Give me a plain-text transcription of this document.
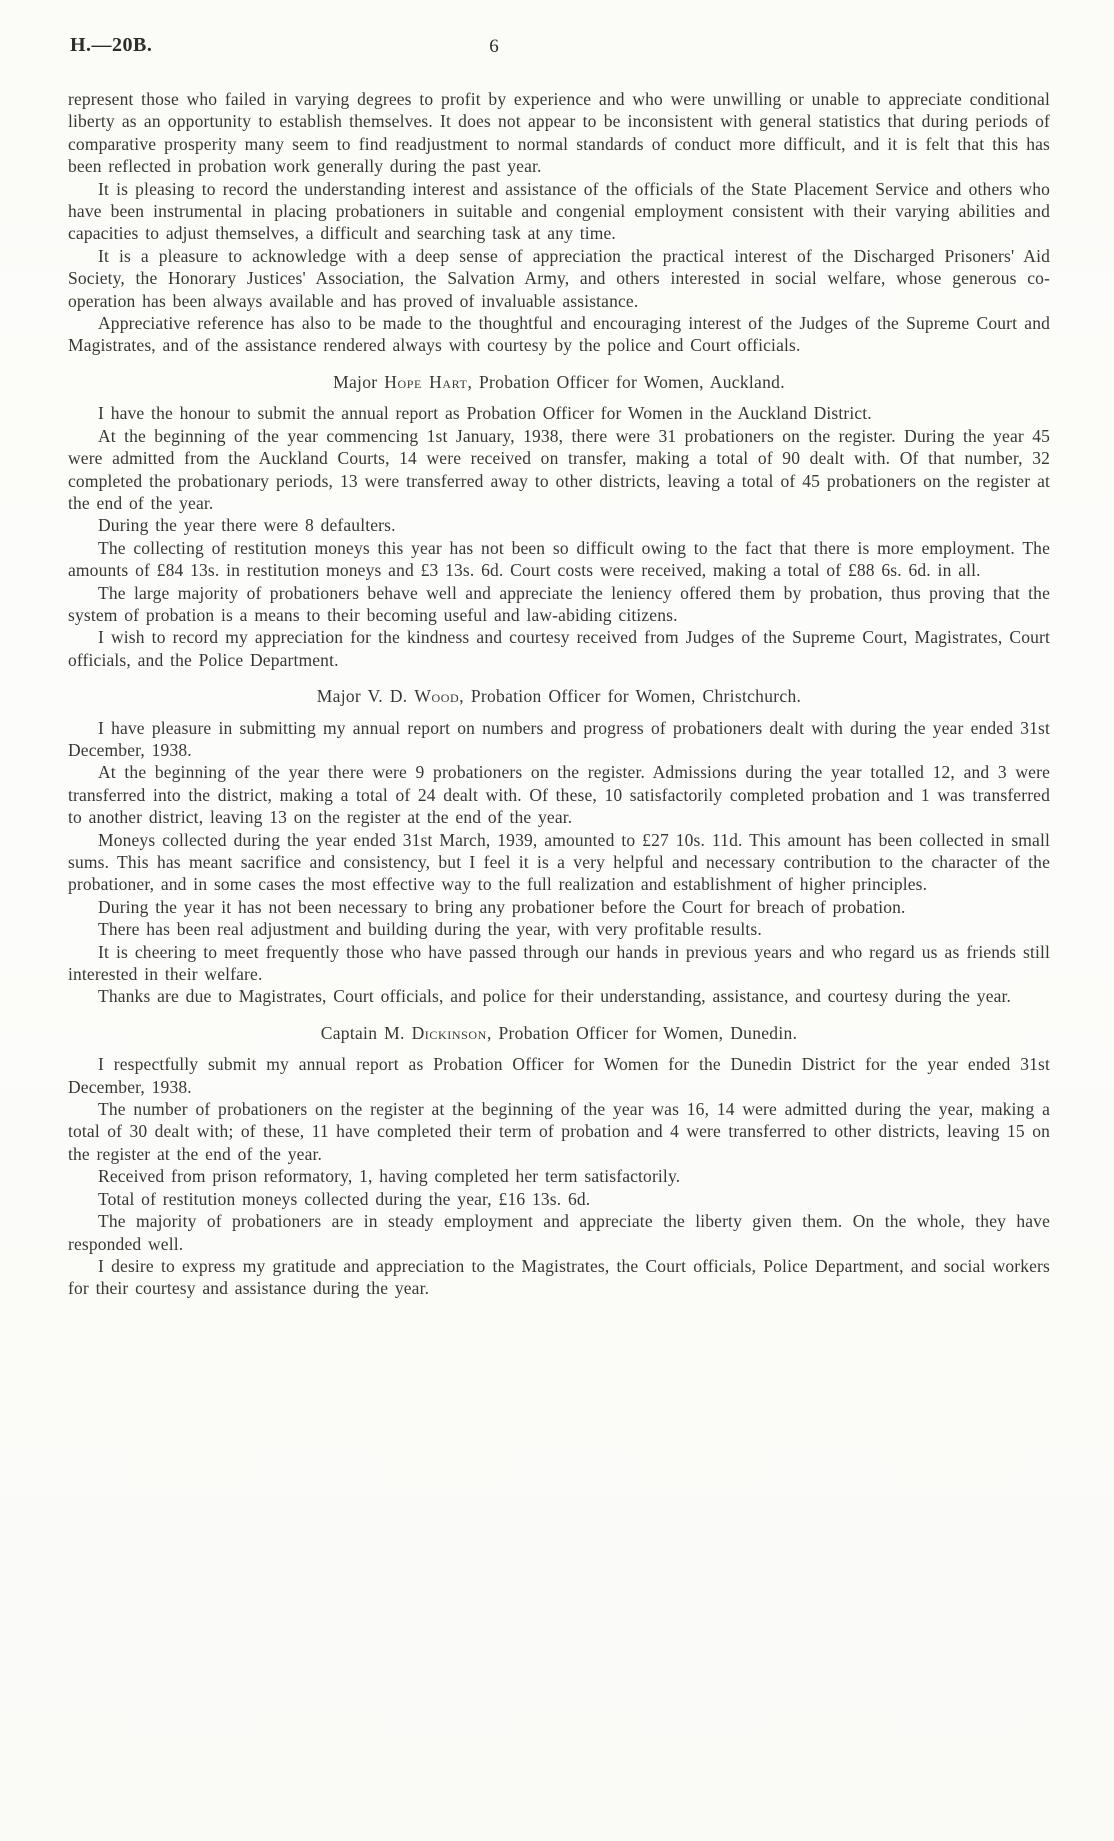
H.—20B.	6

represent those who failed in varying degrees to profit by experience and who were unwilling or unable to appreciate conditional liberty as an opportunity to establish themselves. It does not appear to be inconsistent with general statistics that during periods of comparative prosperity many seem to find readjustment to normal standards of conduct more difficult, and it is felt that this has been reflected in probation work generally during the past year.

It is pleasing to record the understanding interest and assistance of the officials of the State Placement Service and others who have been instrumental in placing probationers in suitable and congenial employment consistent with their varying abilities and capacities to adjust themselves, a difficult and searching task at any time.

It is a pleasure to acknowledge with a deep sense of appreciation the practical interest of the Discharged Prisoners' Aid Society, the Honorary Justices' Association, the Salvation Army, and others interested in social welfare, whose generous co-operation has been always available and has proved of invaluable assistance.

Appreciative reference has also to be made to the thoughtful and encouraging interest of the Judges of the Supreme Court and Magistrates, and of the assistance rendered always with courtesy by the police and Court officials.

Major Hope Hart, Probation Officer for Women, Auckland.

I have the honour to submit the annual report as Probation Officer for Women in the Auckland District.

At the beginning of the year commencing 1st January, 1938, there were 31 probationers on the register. During the year 45 were admitted from the Auckland Courts, 14 were received on transfer, making a total of 90 dealt with. Of that number, 32 completed the probationary periods, 13 were transferred away to other districts, leaving a total of 45 probationers on the register at the end of the year.

During the year there were 8 defaulters.

The collecting of restitution moneys this year has not been so difficult owing to the fact that there is more employment. The amounts of £84 13s. in restitution moneys and £3 13s. 6d. Court costs were received, making a total of £88 6s. 6d. in all.

The large majority of probationers behave well and appreciate the leniency offered them by probation, thus proving that the system of probation is a means to their becoming useful and law-abiding citizens.

I wish to record my appreciation for the kindness and courtesy received from Judges of the Supreme Court, Magistrates, Court officials, and the Police Department.

Major V. D. Wood, Probation Officer for Women, Christchurch.

I have pleasure in submitting my annual report on numbers and progress of probationers dealt with during the year ended 31st December, 1938.

At the beginning of the year there were 9 probationers on the register. Admissions during the year totalled 12, and 3 were transferred into the district, making a total of 24 dealt with. Of these, 10 satisfactorily completed probation and 1 was transferred to another district, leaving 13 on the register at the end of the year.

Moneys collected during the year ended 31st March, 1939, amounted to £27 10s. 11d. This amount has been collected in small sums. This has meant sacrifice and consistency, but I feel it is a very helpful and necessary contribution to the character of the probationer, and in some cases the most effective way to the full realization and establishment of higher principles.

During the year it has not been necessary to bring any probationer before the Court for breach of probation.

There has been real adjustment and building during the year, with very profitable results.

It is cheering to meet frequently those who have passed through our hands in previous years and who regard us as friends still interested in their welfare.

Thanks are due to Magistrates, Court officials, and police for their understanding, assistance, and courtesy during the year.

Captain M. Dickinson, Probation Officer for Women, Dunedin.

I respectfully submit my annual report as Probation Officer for Women for the Dunedin District for the year ended 31st December, 1938.

The number of probationers on the register at the beginning of the year was 16, 14 were admitted during the year, making a total of 30 dealt with; of these, 11 have completed their term of probation and 4 were transferred to other districts, leaving 15 on the register at the end of the year.

Received from prison reformatory, 1, having completed her term satisfactorily.

Total of restitution moneys collected during the year, £16 13s. 6d.

The majority of probationers are in steady employment and appreciate the liberty given them. On the whole, they have responded well.

I desire to express my gratitude and appreciation to the Magistrates, the Court officials, Police Department, and social workers for their courtesy and assistance during the year.
